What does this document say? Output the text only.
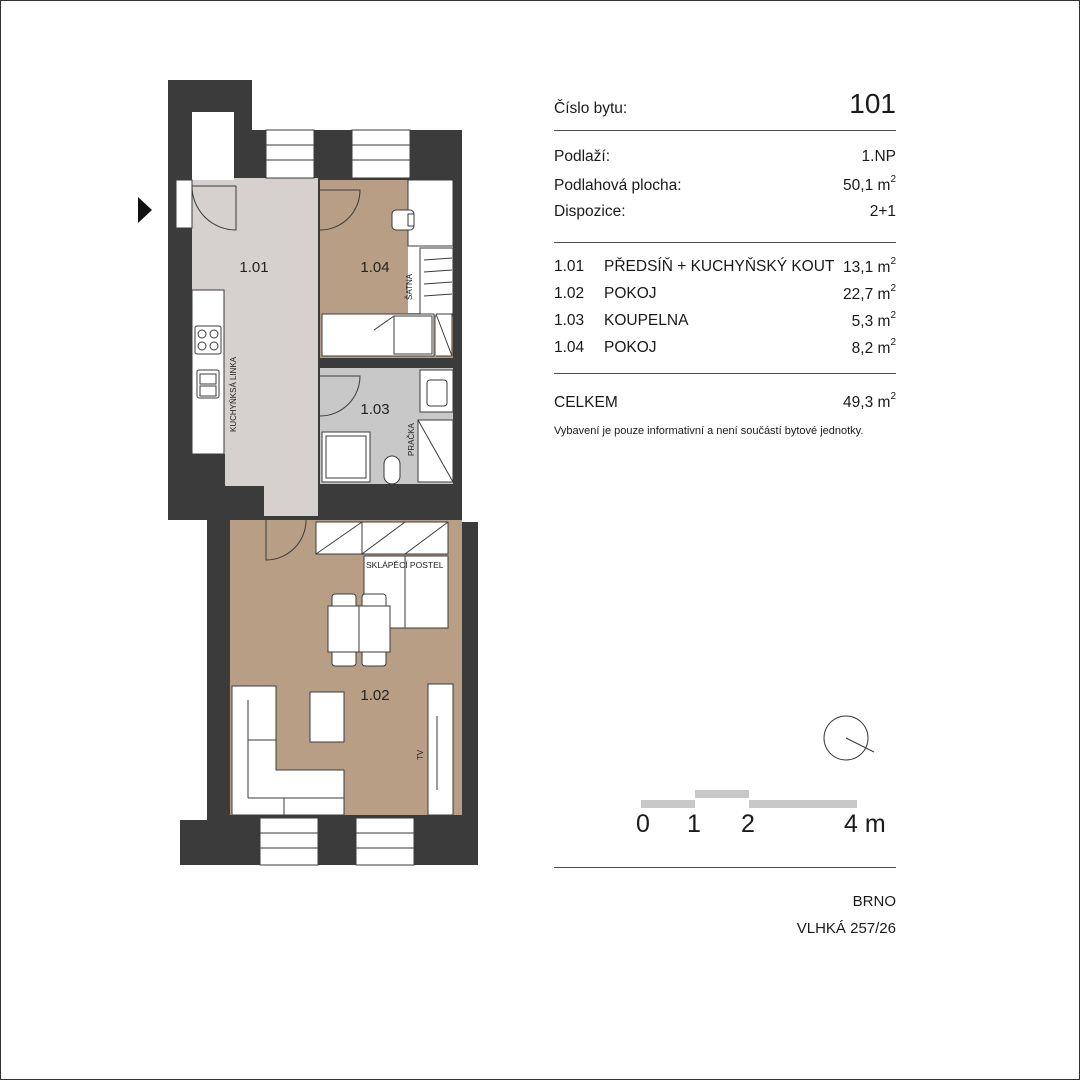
1.01	1.04
1.03
1.02
KUCHYŇKSÁ LINKA
ŠATNA
PRAČKA
SKLÁPĚCÍ POSTEL
TV
0 1 2	4 m
Číslo bytu:	101
Podlaží:	1.NP
Podlahová plocha:	50,1 $m^2$
Dispozice:	2+1
1.01 PŘEDSÍŇ + KUCHYŇSKÝ KOUT 13,1 $m^2$
1.02 POKOJ	22,7 $m^2$
1.03 KOUPELNA	5,3 $m^2$
1.04 POKOJ	8,2 $m^2$
CELKEM	49,3 $m^2$
Vybavení je pouze informativní a není součástí bytové jednotky.
BRNO
VLHKÁ 257/26
